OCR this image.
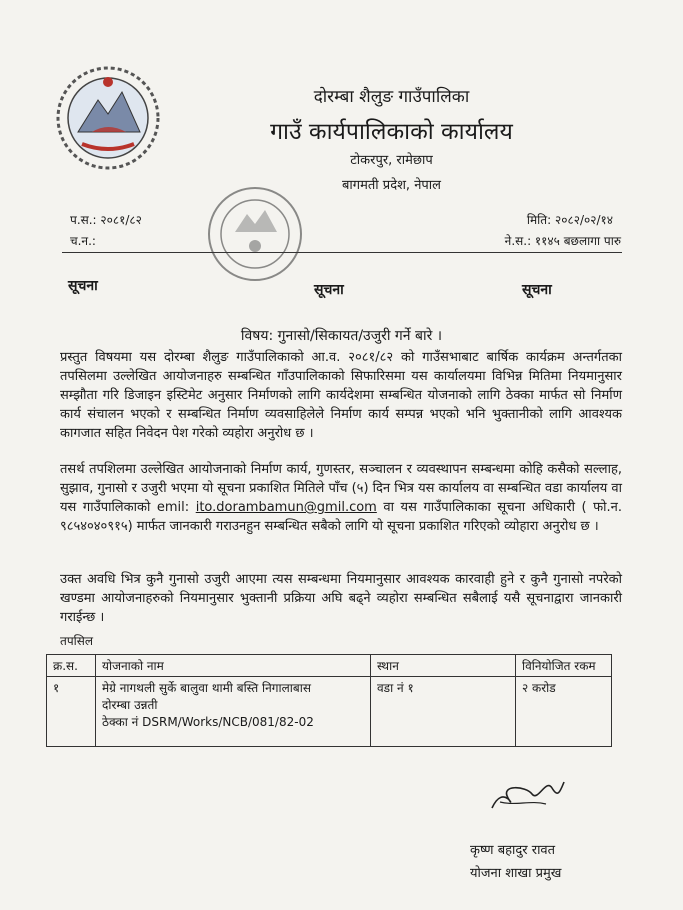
दोरम्बा शैलुङ गाउँपालिका
गाउँ कार्यपालिकाको कार्यालय
टोकरपुर, रामेछाप
बागमती प्रदेश, नेपाल
प.स.: २०८१/८२
च.न.:
मिति: २०८२/०२/१४
ने.स.: ११४५ बछलागा पारु
सूचना	सूचना	सूचना
विषय: गुनासो/सिकायत/उजुरी गर्ने बारे ।
प्रस्तुत विषयमा यस दोरम्बा शैलुङ गाउँपालिकाको आ.व. २०८१/८२ को गाउँसभाबाट बार्षिक कार्यक्रम अन्तर्गतका तपसिलमा उल्लेखित आयोजनाहरु सम्बन्धित गाँउपालिकाको सिफारिसमा यस कार्यालयमा विभिन्न मितिमा नियमानुसार सम्झौता गरि डिजाइन इस्टिमेट अनुसार निर्माणको लागि कार्यदेशमा सम्बन्धित योजनाको लागि ठेक्का मार्फत सो निर्माण कार्य संचालन भएको र सम्बन्धित निर्माण व्यवसाहिलेले निर्माण कार्य सम्पन्न भएको भनि भुक्तानीको लागि आवश्यक कागजात सहित निवेदन पेश गरेको व्यहोरा अनुरोध छ ।
तसर्थ तपशिलमा उल्लेखित आयोजनाको निर्माण कार्य, गुणस्तर, सञ्चालन र व्यवस्थापन सम्बन्धमा कोहि कसैको सल्लाह, सुझाव, गुनासो र उजुरी भएमा यो सूचना प्रकाशित मितिले पाँच (५) दिन भित्र यस कार्यालय वा सम्बन्धित वडा कार्यालय वा यस गाउँपालिकाको emil: ito.dorambamun@gmil.com वा यस गाउँपालिकाका सूचना अधिकारी ( फो.न. ९८५४०४०९१५) मार्फत जानकारी गराउनहुन सम्बन्धित सबैको लागि यो सूचना प्रकाशित गरिएको व्योहारा अनुरोध छ ।
उक्त अवधि भित्र कुनै गुनासो उजुरी आएमा त्यस सम्बन्धमा नियमानुसार आवश्यक कारवाही हुने र कुनै गुनासो नपरेको खण्डमा आयोजनाहरुको नियमानुसार भुक्तानी प्रक्रिया अघि बढ्ने व्यहोरा सम्बन्धित सबैलाई यसै सूचनाद्वारा जानकारी गराईन्छ ।
तपसिल
क्र.स.	योजनाको नाम	स्थान	विनियोजित रकम
१	मेग्रे नागथली सुर्के बालुवा थामी बस्ति निगालाबास
दोरम्बा उन्नती
ठेक्का नं DSRM/Works/NCB/081/82-02	वडा नं १	२ करोड
कृष्ण बहादुर रावत
योजना शाखा प्रमुख
